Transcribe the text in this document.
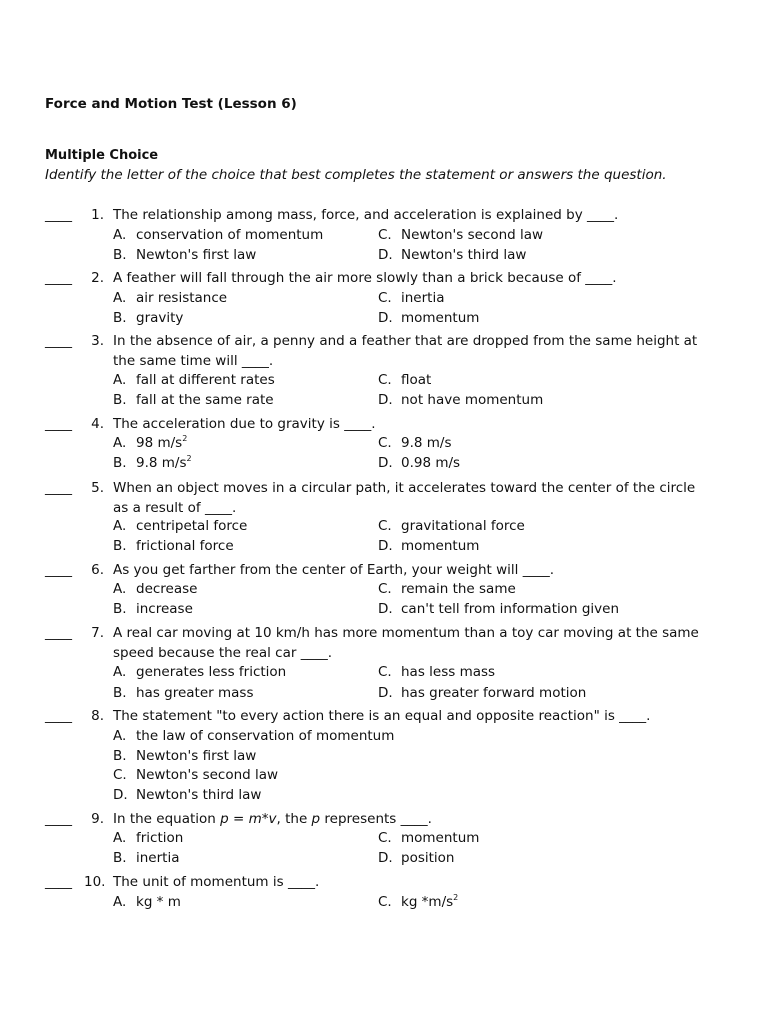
Force and Motion Test (Lesson 6)
Multiple Choice
Identify the letter of the choice that best completes the statement or answers the question.
____	1. The relationship among mass, force, and acceleration is explained by ____.
A. conservation of momentum
B. Newton's first law
C. Newton's second law
D. Newton's third law
____	2. A feather will fall through the air more slowly than a brick because of ____.
A. air resistance
B. gravity
C. inertia
D. momentum
____	3. In the absence of air, a penny and a feather that are dropped from the same height at the same time will ____.
A. fall at different rates
B. fall at the same rate
C. float
D. not have momentum
____	4. The acceleration due to gravity is ____.
A. 98 $m/s^2$
B. 9.8 $m/s^2$
C. 9.8 m/s
D. 0.98 m/s
____	5. When an object moves in a circular path, it accelerates toward the center of the circle as a result of ____.
A. centripetal force
B. frictional force
C. gravitational force
D. momentum
____	6. As you get farther from the center of Earth, your weight will ____.
A. decrease
B. increase
C. remain the same
D. can't tell from information given
____	7. A real car moving at 10 km/h has more momentum than a toy car moving at the same speed because the real car ____.
A. generates less friction
B. has greater mass
C. has less mass
D. has greater forward motion
____	8. The statement "to every action there is an equal and opposite reaction" is ____.
A. the law of conservation of momentum
B. Newton's first law
C. Newton's second law
D. Newton's third law
____	9. In the equation p = m*v, the p represents ____.
A. friction
B. inertia
C. momentum
D. position
____ 10. The unit of momentum is ____.
A. kg * m	C. kg $*m/s^2$
